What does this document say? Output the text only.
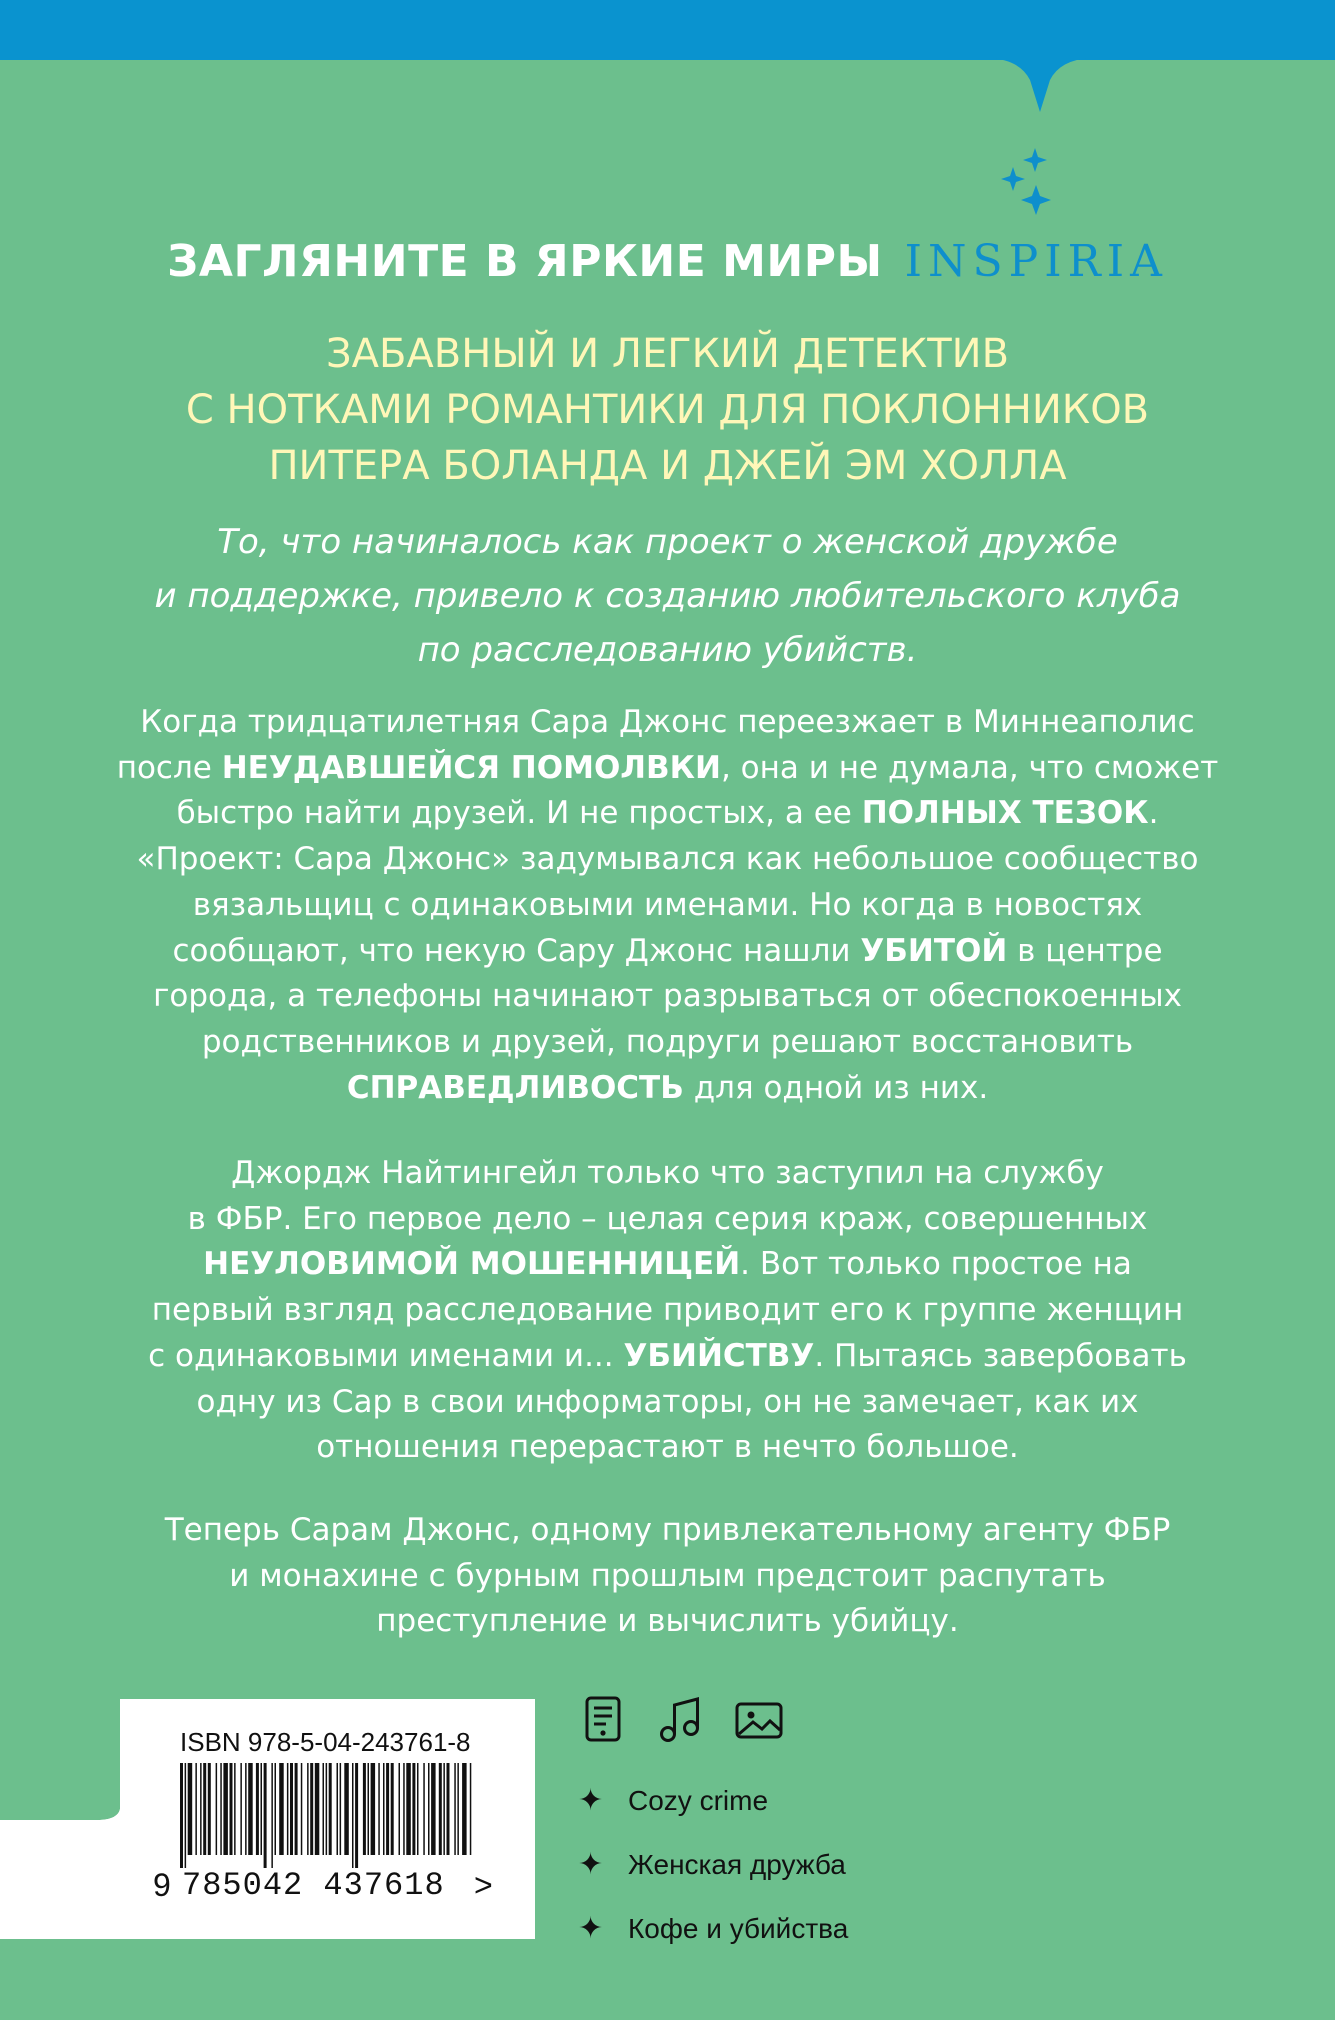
ЗАГЛЯНИТЕ В ЯРКИЕ МИРЫ INSPIRIA
ЗАБАВНЫЙ И ЛЕГКИЙ ДЕТЕКТИВ
С НОТКАМИ РОМАНТИКИ ДЛЯ ПОКЛОННИКОВ
ПИТЕРА БОЛАНДА И ДЖЕЙ ЭМ ХОЛЛА
То, что начиналось как проект о женской дружбе
и поддержке, привело к созданию любительского клуба
по расследованию убийств.
Когда тридцатилетняя Сара Джонс переезжает в Миннеаполис
после НЕУДАВШЕЙСЯ ПОМОЛВКИ, она и не думала, что сможет
быстро найти друзей. И не простых, а ее ПОЛНЫХ ТЕЗОК.
«Проект: Сара Джонс» задумывался как небольшое сообщество
вязальщиц с одинаковыми именами. Но когда в новостях
сообщают, что некую Сару Джонс нашли УБИТОЙ в центре
города, а телефоны начинают разрываться от обеспокоенных
родственников и друзей, подруги решают восстановить
СПРАВЕДЛИВОСТЬ для одной из них.
Джордж Найтингейл только что заступил на службу
в ФБР. Его первое дело – целая серия краж, совершенных
НЕУЛОВИМОЙ МОШЕННИЦЕЙ. Вот только простое на
первый взгляд расследование приводит его к группе женщин
с одинаковыми именами и... УБИЙСТВУ. Пытаясь завербовать
одну из Сар в свои информаторы, он не замечает, как их
отношения перерастают в нечто большое.
Теперь Сарам Джонс, одному привлекательному агенту ФБР
и монахине с бурным прошлым предстоит распутать
преступление и вычислить убийцу.
ISBN 978-5-04-243761-8
9 785042 437618 >

✦ Cozy crime
✦ Женская дружба
✦ Кофе и убийства
